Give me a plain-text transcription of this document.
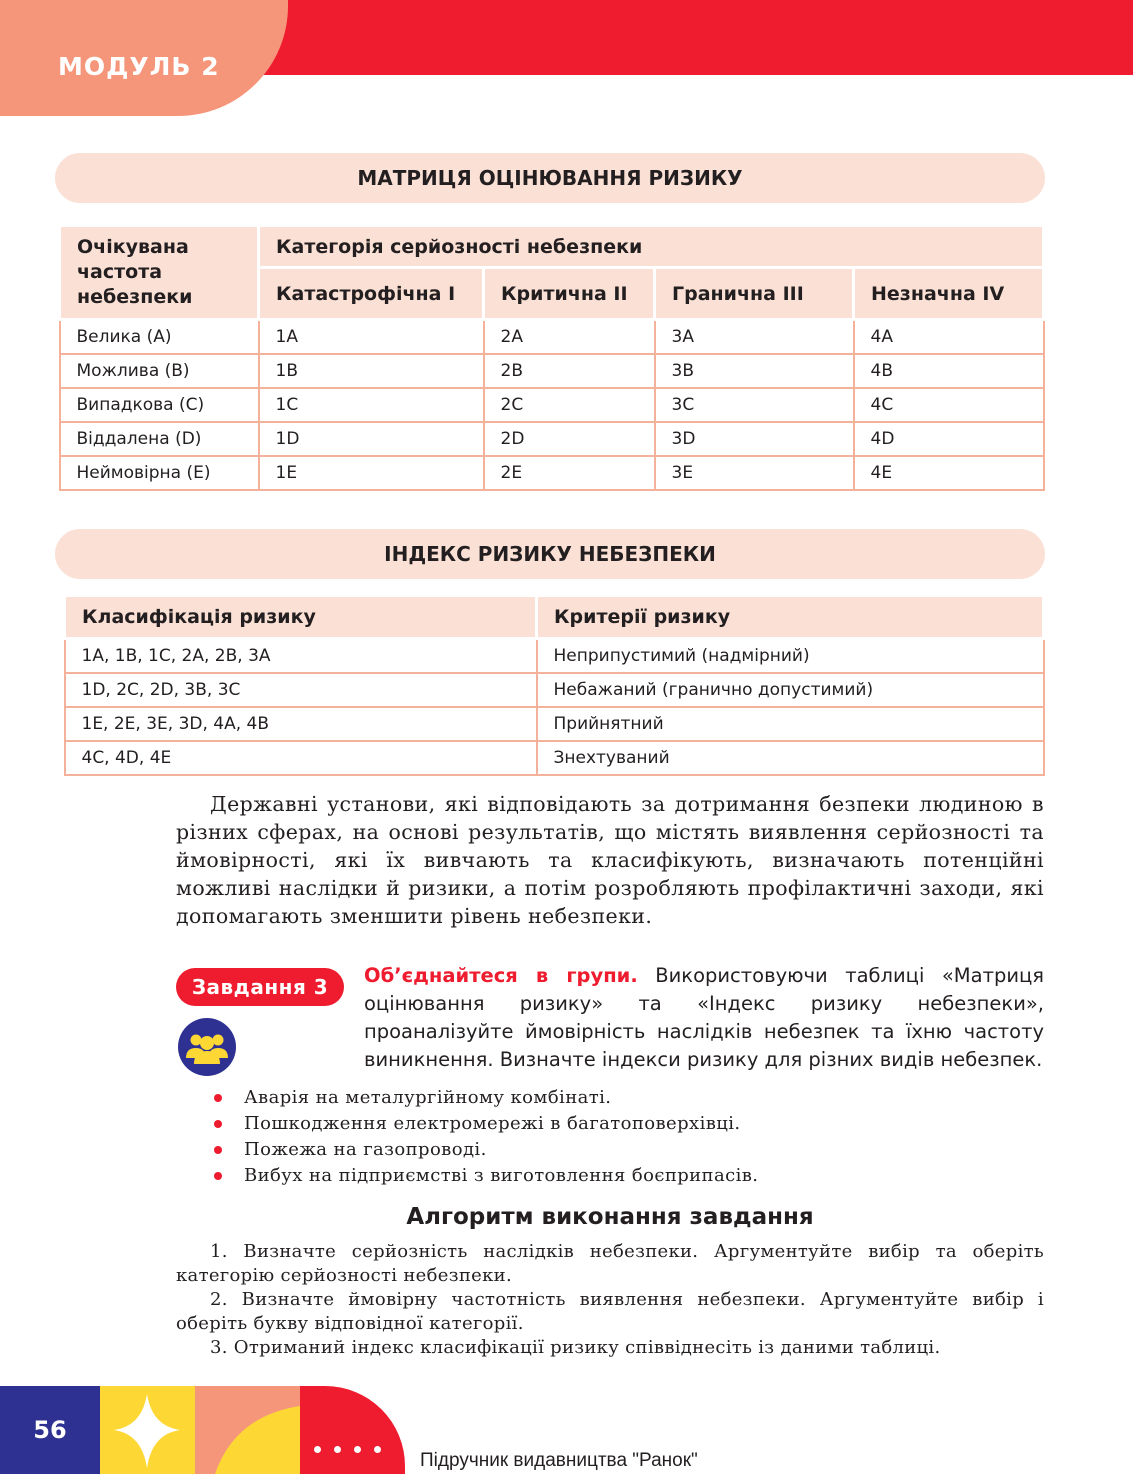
МОДУЛЬ 2
МАТРИЦЯ ОЦІНЮВАННЯ РИЗИКУ
Очікувана частота небезпеки	Категорія серйозності небезпеки			
	Катастрофічна I	Критична II	Гранична III	Незначна IV
Велика (A)	1A	2A	3A	4A
Можлива (B)	1B	2B	3B	4B
Випадкова (C)	1C	2C	3C	4C
Віддалена (D)	1D	2D	3D	4D
Неймовірна (E)	1E	2E	3E	4E
ІНДЕКС РИЗИКУ НЕБЕЗПЕКИ
Класифікація ризику	Критерії ризику
1A, 1B, 1C, 2A, 2B, 3A	Неприпустимий (надмірний)
1D, 2C, 2D, 3B, 3C	Небажаний (гранично допустимий)
1E, 2E, 3E, 3D, 4A, 4B	Прийнятний
4C, 4D, 4E	Знехтуваний
Державні установи, які відповідають за дотримання безпеки людиною в різних сферах, на основі результатів, що містять виявлення серйозності та ймовірності, які їх вивчають та класифікують, визначають потенційні можливі наслідки й ризики, а потім розробляють профілактичні заходи, які допомагають зменшити рівень небезпеки.
Завдання 3	Об’єднайтеся в групи. Використовуючи таблиці «Матриця оцінювання ризику» та «Індекс ризику небезпеки», проаналізуйте ймовірність наслідків небезпек та їхню частоту виникнення. Визначте індекси ризику для різних видів небезпек.
Аварія на металургійному комбінаті.
Пошкодження електромережі в багатоповерхівці.
Пожежа на газопроводі.
Вибух на підприємстві з виготовлення боєприпасів.
Алгоритм виконання завдання

1. Визначте серйозність наслідків небезпеки. Аргументуйте вибір та оберіть категорію серйозності небезпеки.

2. Визначте ймовірну частотність виявлення небезпеки. Аргументуйте вибір і оберіть букву відповідної категорії.

3. Отриманий індекс класифікації ризику співвіднесіть із даними таблиці.

56
Підручник видавництва "Ранок"
